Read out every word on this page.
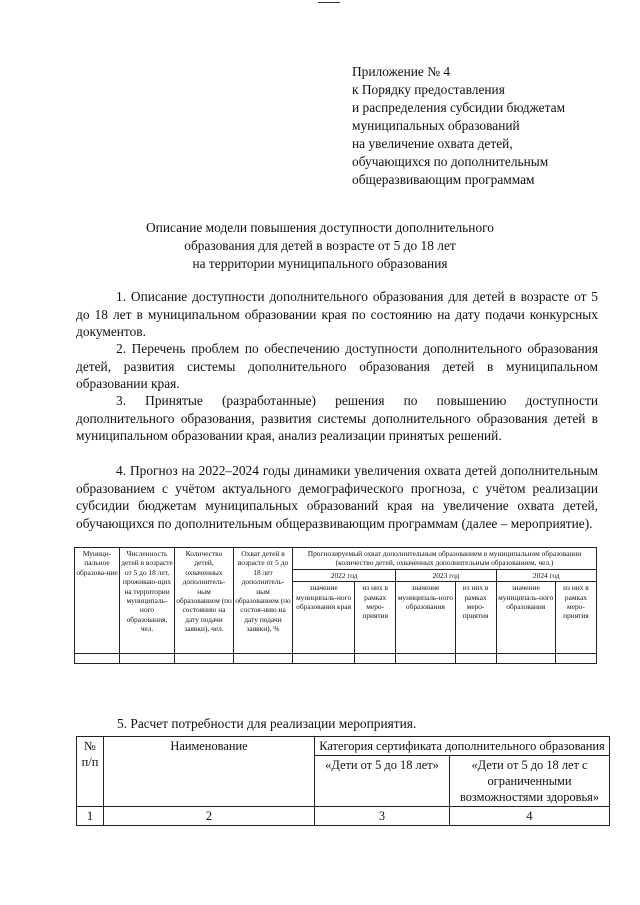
Приложение № 4
к Порядку предоставления
и распределения субсидии бюджетам
муниципальных образований
на увеличение охвата детей,
обучающихся по дополнительным
общеразвивающим программам
Описание модели повышения доступности дополнительного
образования для детей в возрасте от 5 до 18 лет
на территории муниципального образования
1. Описание доступности дополнительного образования для детей в возрасте от 5 до 18 лет в муниципальном образовании края по состоянию на дату подачи конкурсных документов.
2. Перечень проблем по обеспечению доступности дополнительного образования детей, развития системы дополнительного образования детей в муниципальном образовании края.
3. Принятые (разработанные) решения по повышению доступности дополнительного образования, развития системы дополнительного образования детей в муниципальном образовании края, анализ реализации принятых решений.
4. Прогноз на 2022–2024 годы динамики увеличения охвата детей дополнительным образованием с учётом актуального демографического прогноза, с учётом реализации субсидии бюджетам муниципальных образований края на увеличение охвата детей, обучающихся по дополнительным общеразвивающим программам (далее – мероприятие).
Муници-пальное образова-ние	Численность детей в возрасте от 5 до 18 лет, проживаю-щих на территории муниципаль-ного образования, чел.	Количество детей, охваченных дополнитель-ным образованием (по состоянию на дату подачи заявки), чел.	Охват детей в возрасте от 5 до 18 лет дополнитель-ным образованием (по состоя-нию на дату подачи заявки), %	Прогнозируемый охват дополнительным образованием в муниципальном образовании (количество детей, охваченных дополнительным образованием, чел.)					
				2022 год		2023 год		2024 год	
				значение муниципаль-ного образования края	из них в рамках меро-приятия	значение муниципаль-ного образования	из них в рамках меро-приятия	значение муниципаль-ного образования	из них в рамках меро-приятия

5. Расчет потребности для реализации мероприятия.
№ п/п	Наименование	Категория сертификата дополнительного образования	
		«Дети от 5 до 18 лет»	«Дети от 5 до 18 лет с ограниченными возможностями здоровья»
1	2	3	4
